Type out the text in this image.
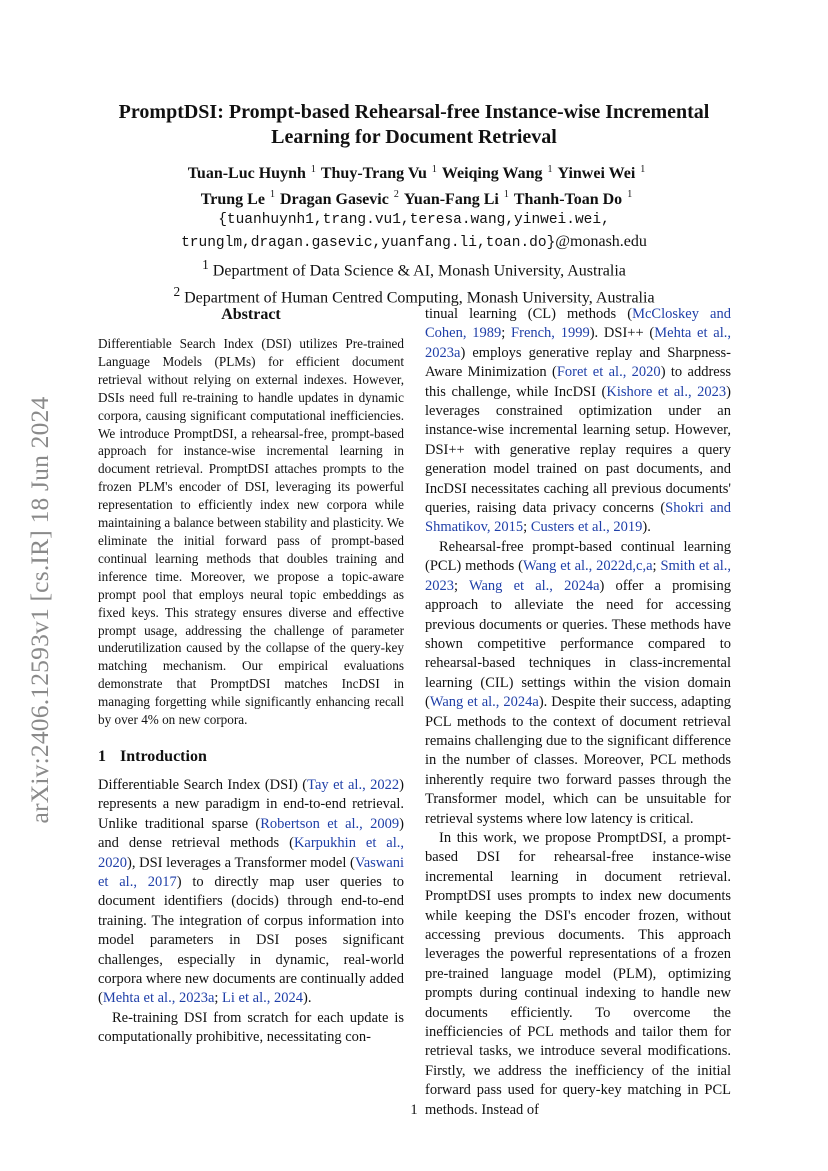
arXiv:2406.12593v1 [cs.IR] 18 Jun 2024
PromptDSI: Prompt-based Rehearsal-free Instance-wise Incremental Learning for Document Retrieval
Tuan-Luc Huynh $^1$ Thuy-Trang Vu $^1$ Weiqing Wang $^1$ Yinwei Wei $^1$
Trung Le $^1$ Dragan Gasevic $^2$ Yuan-Fang Li $^1$ Thanh-Toan Do $^1$
{tuanhuynh1,trang.vu1,teresa.wang,yinwei.wei,
trunglm,dragan.gasevic,yuanfang.li,toan.do}@monash.edu
$^1$ Department of Data Science & AI, Monash University, Australia
$^2$ Department of Human Centred Computing, Monash University, Australia
Abstract

Differentiable Search Index (DSI) utilizes Pre-trained Language Models (PLMs) for efficient document retrieval without relying on external indexes. However, DSIs need full re-training to handle updates in dynamic corpora, causing significant computational inefficiencies. We introduce PromptDSI, a rehearsal-free, prompt-based approach for instance-wise incremental learning in document retrieval. PromptDSI attaches prompts to the frozen PLM's encoder of DSI, leveraging its powerful representation to efficiently index new corpora while maintaining a balance between stability and plasticity. We eliminate the initial forward pass of prompt-based continual learning methods that doubles training and inference time. Moreover, we propose a topic-aware prompt pool that employs neural topic embeddings as fixed keys. This strategy ensures diverse and effective prompt usage, addressing the challenge of parameter underutilization caused by the collapse of the query-key matching mechanism. Our empirical evaluations demonstrate that PromptDSI matches IncDSI in managing forgetting while significantly enhancing recall by over 4% on new corpora.

1 Introduction

Differentiable Search Index (DSI) (Tay et al., 2022) represents a new paradigm in end-to-end retrieval. Unlike traditional sparse (Robertson et al., 2009) and dense retrieval methods (Karpukhin et al., 2020), DSI leverages a Transformer model (Vaswani et al., 2017) to directly map user queries to document identifiers (docids) through end-to-end training. The integration of corpus information into model parameters in DSI poses significant challenges, especially in dynamic, real-world corpora where new documents are continually added (Mehta et al., 2023a; Li et al., 2024).

Re-training DSI from scratch for each update is computationally prohibitive, necessitating con-

tinual learning (CL) methods (McCloskey and Cohen, 1989; French, 1999). DSI++ (Mehta et al., 2023a) employs generative replay and Sharpness-Aware Minimization (Foret et al., 2020) to address this challenge, while IncDSI (Kishore et al., 2023) leverages constrained optimization under an instance-wise incremental learning setup. However, DSI++ with generative replay requires a query generation model trained on past documents, and IncDSI necessitates caching all previous documents' queries, raising data privacy concerns (Shokri and Shmatikov, 2015; Custers et al., 2019).

Rehearsal-free prompt-based continual learning (PCL) methods (Wang et al., 2022d,c,a; Smith et al., 2023; Wang et al., 2024a) offer a promising approach to alleviate the need for accessing previous documents or queries. These methods have shown competitive performance compared to rehearsal-based techniques in class-incremental learning (CIL) settings within the vision domain (Wang et al., 2024a). Despite their success, adapting PCL methods to the context of document retrieval remains challenging due to the significant difference in the number of classes. Moreover, PCL methods inherently require two forward passes through the Transformer model, which can be unsuitable for retrieval systems where low latency is critical.

In this work, we propose PromptDSI, a prompt-based DSI for rehearsal-free instance-wise incremental learning in document retrieval. PromptDSI uses prompts to index new documents while keeping the DSI's encoder frozen, without accessing previous documents. This approach leverages the powerful representations of a frozen pre-trained language model (PLM), optimizing prompts during continual indexing to handle new documents efficiently. To overcome the inefficiencies of PCL methods and tailor them for retrieval tasks, we introduce several modifications. Firstly, we address the inefficiency of the initial forward pass used for query-key matching in PCL methods. Instead of

1
